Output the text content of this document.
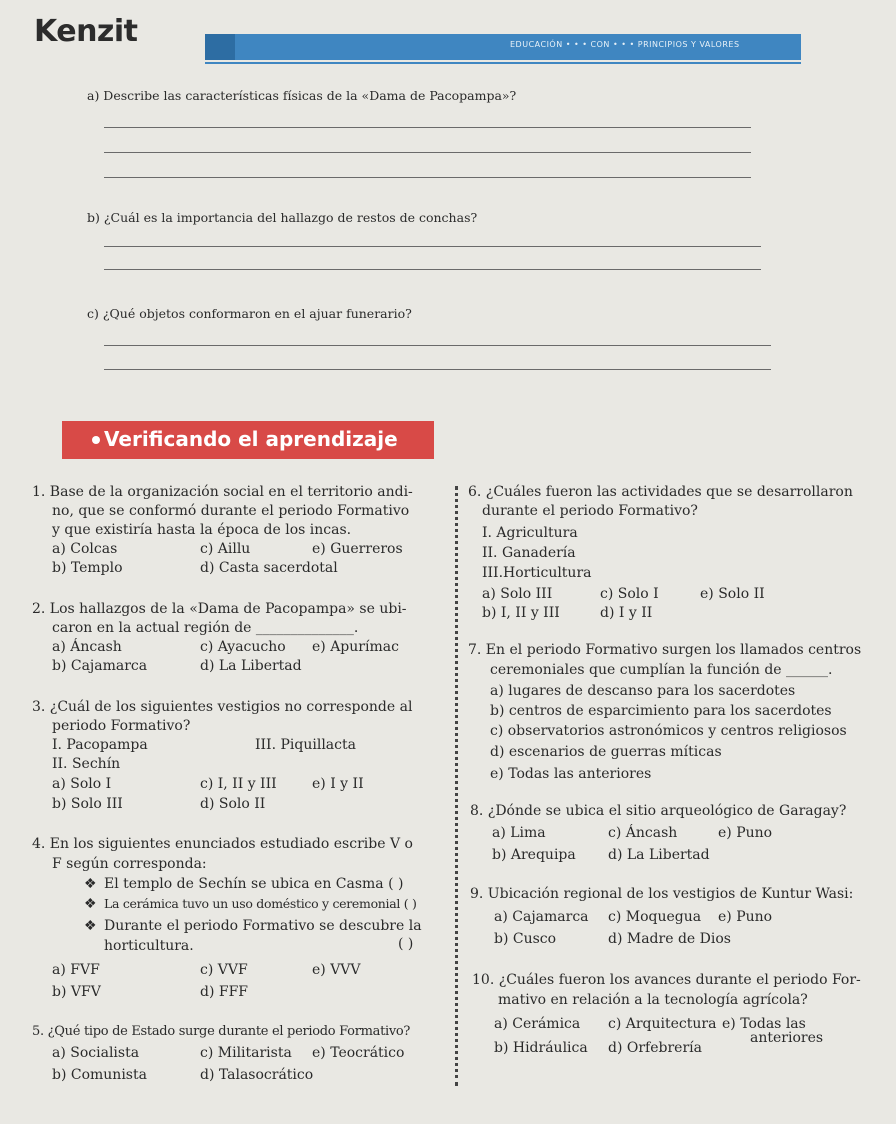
Kenzit	EDUCACIÓN • • • CON • • • PRINCIPIOS Y VALORES
a) Describe las características físicas de la «Dama de Pacopampa»?
b) ¿Cuál es la importancia del hallazgo de restos de conchas?
c) ¿Qué objetos conformaron en el ajuar funerario?
Verificando el aprendizaje
1. Base de la organización social en el territorio andi-
no, que se conformó durante el periodo Formativo
y que existiría hasta la época de los incas.
a) Colcas	c) Aillu	e) Guerreros
b) Templo	d) Casta sacerdotal
2. Los hallazgos de la «Dama de Pacopampa» se ubi-
caron en la actual región de ______________.
a) Áncash	c) Ayacucho e) Apurímac
b) Cajamarca	d) La Libertad
3. ¿Cuál de los siguientes vestigios no corresponde al
periodo Formativo?
I. Pacopampa	III. Piquillacta
II. Sechín
a) Solo I	c) I, II y III	e) I y II
b) Solo III	d) Solo II
4. En los siguientes enunciados estudiado escribe V o
F según corresponda:
❖ El templo de Sechín se ubica en Casma ( )
❖ La cerámica tuvo un uso doméstico y ceremonial ( )
❖ Durante el periodo Formativo se descubre la
horticultura.	( )
a) FVF	c) VVF	e) VVV
b) VFV	d) FFF
5. ¿Qué tipo de Estado surge durante el periodo Formativo?
a) Socialista	c) Militarista e) Teocrático
b) Comunista	d) Talasocrático
6. ¿Cuáles fueron las actividades que se desarrollaron
durante el periodo Formativo?
I. Agricultura
II. Ganadería
III.Horticultura
a) Solo III	c) Solo I	e) Solo II
b) I, II y III	d) I y II
7. En el periodo Formativo surgen los llamados centros
ceremoniales que cumplían la función de ______.
a) lugares de descanso para los sacerdotes
b) centros de esparcimiento para los sacerdotes
c) observatorios astronómicos y centros religiosos
d) escenarios de guerras míticas
e) Todas las anteriores
8. ¿Dónde se ubica el sitio arqueológico de Garagay?
a) Lima	c) Áncash	e) Puno
b) Arequipa d) La Libertad
9. Ubicación regional de los vestigios de Kuntur Wasi:
a) Cajamarca c) Moquegua e) Puno
b) Cusco	d) Madre de Dios
10. ¿Cuáles fueron los avances durante el periodo For-
mativo en relación a la tecnología agrícola?
a) Cerámica c) Arquitectura e) Todas las
anteriores
b) Hidráulica d) Orfebrería
